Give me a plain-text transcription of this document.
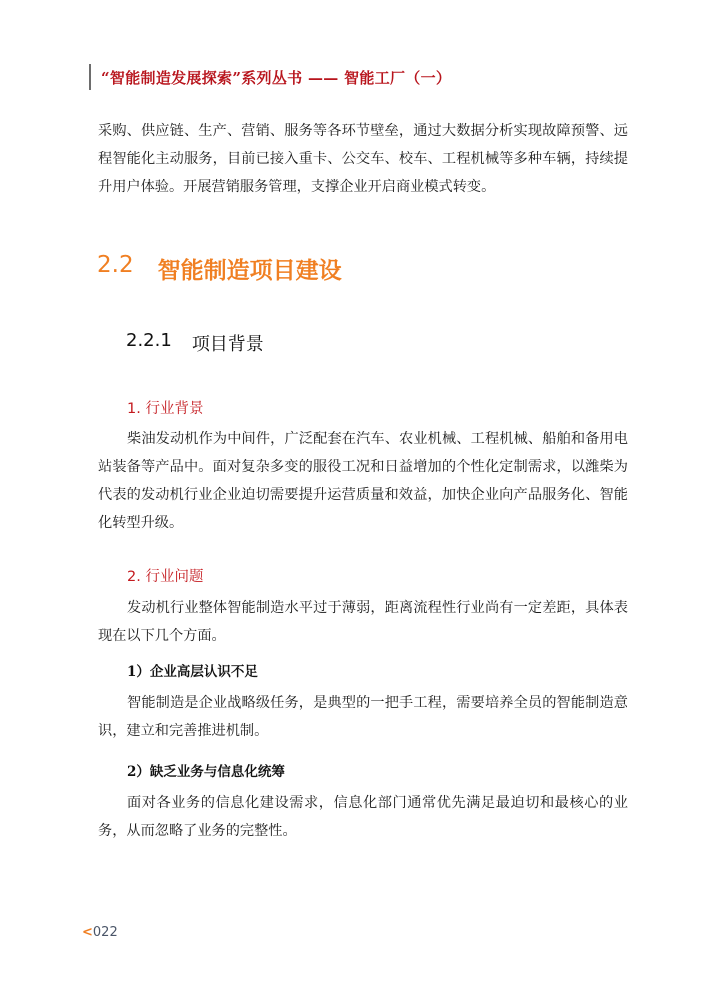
“智能制造发展探索”系列丛书 —— 智能工厂（一）

采购、供应链、生产、营销、服务等各环节壁垒，通过大数据分析实现故障预警、远程智能化主动服务，目前已接入重卡、公交车、校车、工程机械等多种车辆，持续提升用户体验。开展营销服务管理，支撑企业开启商业模式转变。

2.2 智能制造项目建设
2.2.1 项目背景
1. 行业背景

柴油发动机作为中间件，广泛配套在汽车、农业机械、工程机械、船舶和备用电站装备等产品中。面对复杂多变的服役工况和日益增加的个性化定制需求，以潍柴为代表的发动机行业企业迫切需要提升运营质量和效益，加快企业向产品服务化、智能化转型升级。

2. 行业问题

发动机行业整体智能制造水平过于薄弱，距离流程性行业尚有一定差距，具体表现在以下几个方面。

1）企业高层认识不足

智能制造是企业战略级任务，是典型的一把手工程，需要培养全员的智能制造意识，建立和完善推进机制。

2）缺乏业务与信息化统筹

面对各业务的信息化建设需求，信息化部门通常优先满足最迫切和最核心的业务，从而忽略了业务的完整性。

<022
